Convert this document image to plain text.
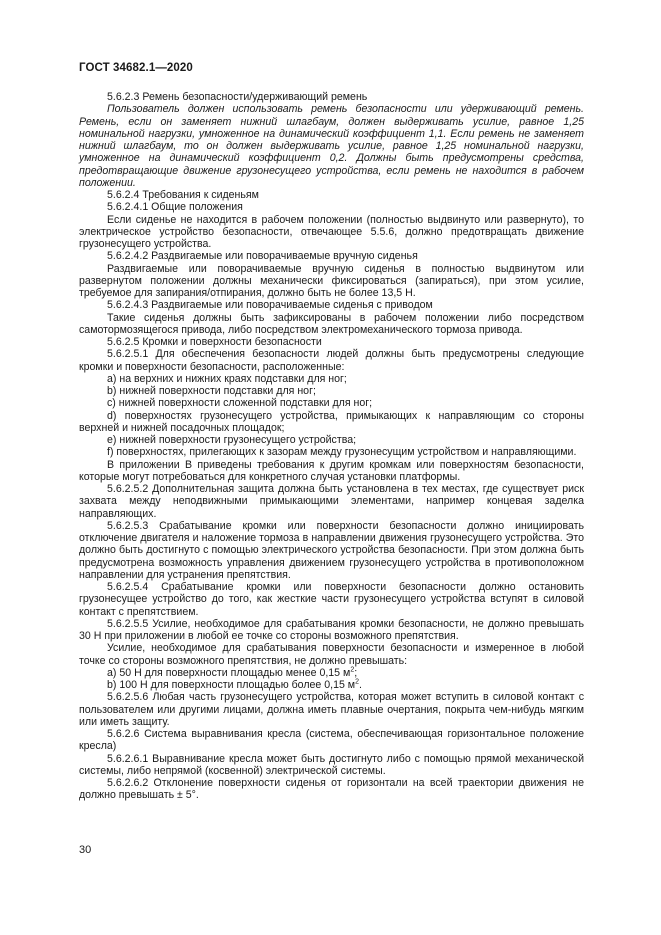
ГОСТ 34682.1—2020

5.6.2.3 Ремень безопасности/удерживающий ремень

Пользователь должен использовать ремень безопасности или удерживающий ремень. Ремень, если он заменяет нижний шлагбаум, должен выдерживать усилие, равное 1,25 номинальной нагрузки, умноженное на динамический коэффициент 1,1. Если ремень не заменяет нижний шлагбаум, то он должен выдерживать усилие, равное 1,25 номинальной нагрузки, умноженное на динамический коэффициент 0,2. Должны быть предусмотрены средства, предотвращающие движение грузонесущего устройства, если ремень не находится в рабочем положении.

5.6.2.4 Требования к сиденьям

5.6.2.4.1 Общие положения

Если сиденье не находится в рабочем положении (полностью выдвинуто или развернуто), то электрическое устройство безопасности, отвечающее 5.5.6, должно предотвращать движение грузонесущего устройства.

5.6.2.4.2 Раздвигаемые или поворачиваемые вручную сиденья

Раздвигаемые или поворачиваемые вручную сиденья в полностью выдвинутом или развернутом положении должны механически фиксироваться (запираться), при этом усилие, требуемое для запирания/отпирания, должно быть не более 13,5 Н.

5.6.2.4.3 Раздвигаемые или поворачиваемые сиденья с приводом

Такие сиденья должны быть зафиксированы в рабочем положении либо посредством самотормозящегося привода, либо посредством электромеханического тормоза привода.

5.6.2.5 Кромки и поверхности безопасности

5.6.2.5.1 Для обеспечения безопасности людей должны быть предусмотрены следующие кромки и поверхности безопасности, расположенные:

a) на верхних и нижних краях подставки для ног;

b) нижней поверхности подставки для ног;

c) нижней поверхности сложенной подставки для ног;

d) поверхностях грузонесущего устройства, примыкающих к направляющим со стороны верхней и нижней посадочных площадок;

e) нижней поверхности грузонесущего устройства;

f) поверхностях, прилегающих к зазорам между грузонесущим устройством и направляющими.

В приложении В приведены требования к другим кромкам или поверхностям безопасности, которые могут потребоваться для конкретного случая установки платформы.

5.6.2.5.2 Дополнительная защита должна быть установлена в тех местах, где существует риск захвата между неподвижными примыкающими элементами, например концевая заделка направляющих.

5.6.2.5.3 Срабатывание кромки или поверхности безопасности должно инициировать отключение двигателя и наложение тормоза в направлении движения грузонесущего устройства. Это должно быть достигнуто с помощью электрического устройства безопасности. При этом должна быть предусмотрена возможность управления движением грузонесущего устройства в противоположном направлении для устранения препятствия.

5.6.2.5.4 Срабатывание кромки или поверхности безопасности должно остановить грузонесущее устройство до того, как жесткие части грузонесущего устройства вступят в силовой контакт с препятствием.

5.6.2.5.5 Усилие, необходимое для срабатывания кромки безопасности, не должно превышать 30 Н при приложении в любой ее точке со стороны возможного препятствия.

Усилие, необходимое для срабатывания поверхности безопасности и измеренное в любой точке со стороны возможного препятствия, не должно превышать:

a) 50 Н для поверхности площадью менее 0,15 $м^2$;

b) 100 Н для поверхности площадью более 0,15 $м^2$.

5.6.2.5.6 Любая часть грузонесущего устройства, которая может вступить в силовой контакт с пользователем или другими лицами, должна иметь плавные очертания, покрыта чем-нибудь мягким или иметь защиту.

5.6.2.6 Система выравнивания кресла (система, обеспечивающая горизонтальное положение кресла)

5.6.2.6.1 Выравнивание кресла может быть достигнуто либо с помощью прямой механической системы, либо непрямой (косвенной) электрической системы.

5.6.2.6.2 Отклонение поверхности сиденья от горизонтали на всей траектории движения не должно превышать ± 5°.

30
